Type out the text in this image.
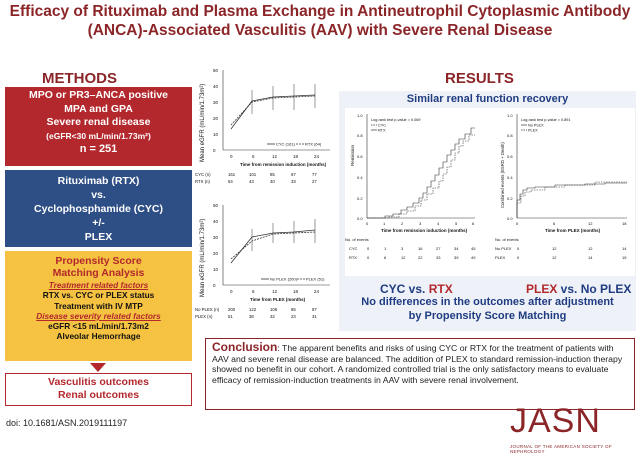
Efficacy of Rituximab and Plasma Exchange in Antineutrophil Cytoplasmic Antibody (ANCA)-Associated Vasculitis (AAV) with Severe Renal Disease
METHODS
MPO or PR3–ANCA positive
MPA and GPA
Severe renal disease
(eGFR<30 mL/min/1.73m²)
n = 251
Rituximab (RTX)
vs.
Cyclophosphamide (CYC)
+/-
PLEX
Propensity Score
Matching Analysis
Treatment related factors
RTX vs. CYC or PLEX status
Treatment with IV MTP
Disease severity related factors
eGFR <15 mL/min/1.73m2
Alveolar Hemorrhage
Vasculitis outcomes
Renal outcomes
Mean eGFR (mL/min/1.73m²) 0
10
20
30
40
50
0	6	12	18	24
Time from remission induction (months)
CYC (161)	RTX (64)
CYC (n)	161	101	85	67	77
RTX (n)	64	43	40	33	27
Mean eGFR (mL/min/1.73m²) 0
10
20
30
40
50
0	6	12	18	24
Time from PLEX (months)
No PLEX (200) PLEX (51)
No PLEX (n) 200	122	106	85	87
PLEX (n)	51	38	32	23	31
RESULTS
Similar renal function recovery
Remission
0.0
0.2
0.4
0.6
0.8
1.0
0	1	2	3	4	5	6
Time from remission induction (months)
Log-rank test p-value = 0.069
CYC
RTX
No. of events
CYC 0	1	3	16	27	34	45
RTX	0	6	12	22	33	39	49
Combined events (ESRD + Death)
0.0
0.2
0.4
0.6
0.8
1.0
0	6	12	18
Time from PLEX (months)
Log-rank test p-value = 0.891
No PLEX
PLEX
No. of events
No PLEX 0	12	12	14
PLEX	0	12	14	15
CYC vs. RTX	PLEX vs. No PLEX
No differences in the outcomes after adjustment
by Propensity Score Matching
Conclusion: The apparent benefits and risks of using CYC or RTX for the treatment of patients with AAV and severe renal disease are balanced. The addition of PLEX to standard remission-induction therapy showed no benefit in our cohort. A randomized controlled trial is the only satisfactory means to evaluate efficacy of remission-induction treatments in AAV with severe renal involvement.
doi: 10.1681/ASN.2019111197	JASN
JOURNAL OF THE AMERICAN SOCIETY OF NEPHROLOGY
